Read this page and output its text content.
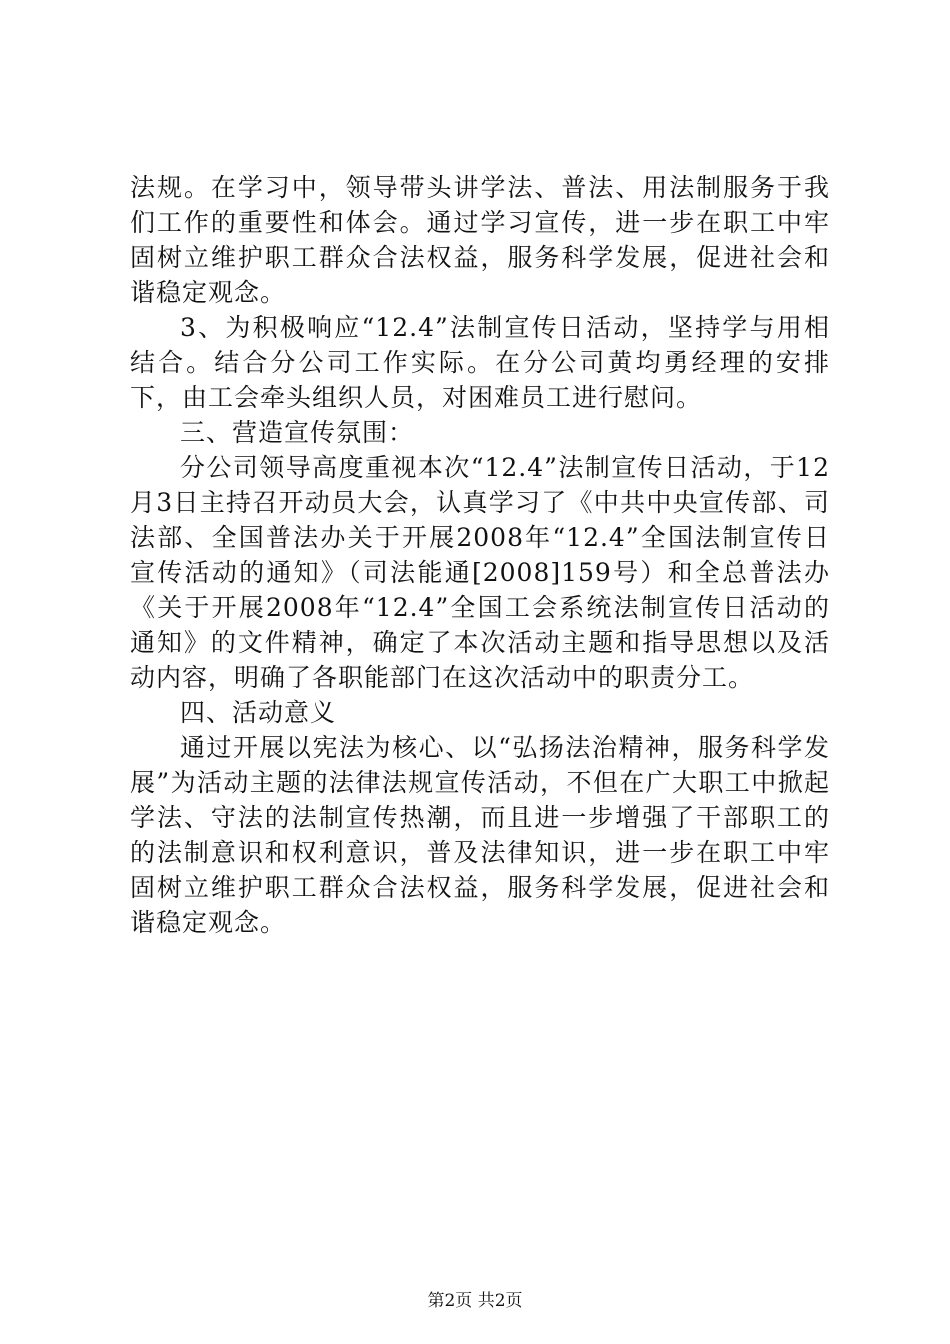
法规。在学习中，领导带头讲学法、普法、用法制服务于我们工作的重要性和体会。通过学习宣传，进一步在职工中牢固树立维护职工群众合法权益，服务科学发展，促进社会和谐稳定观念。

3、为积极响应“12.4”法制宣传日活动，坚持学与用相结合。结合分公司工作实际。在分公司黄均勇经理的安排下，由工会牵头组织人员，对困难员工进行慰问。

三、营造宣传氛围：

分公司领导高度重视本次“12.4”法制宣传日活动，于12月3日主持召开动员大会，认真学习了《中共中央宣传部、司法部、全国普法办关于开展2008年“12.4”全国法制宣传日宣传活动的通知》（司法能通[2008]159号）和全总普法办《关于开展2008年“12.4”全国工会系统法制宣传日活动的通知》的文件精神，确定了本次活动主题和指导思想以及活动内容，明确了各职能部门在这次活动中的职责分工。

四、活动意义

通过开展以宪法为核心、以“弘扬法治精神，服务科学发展”为活动主题的法律法规宣传活动，不但在广大职工中掀起学法、守法的法制宣传热潮，而且进一步增强了干部职工的的法制意识和权利意识，普及法律知识，进一步在职工中牢固树立维护职工群众合法权益，服务科学发展，促进社会和谐稳定观念。

第2页 共2页
